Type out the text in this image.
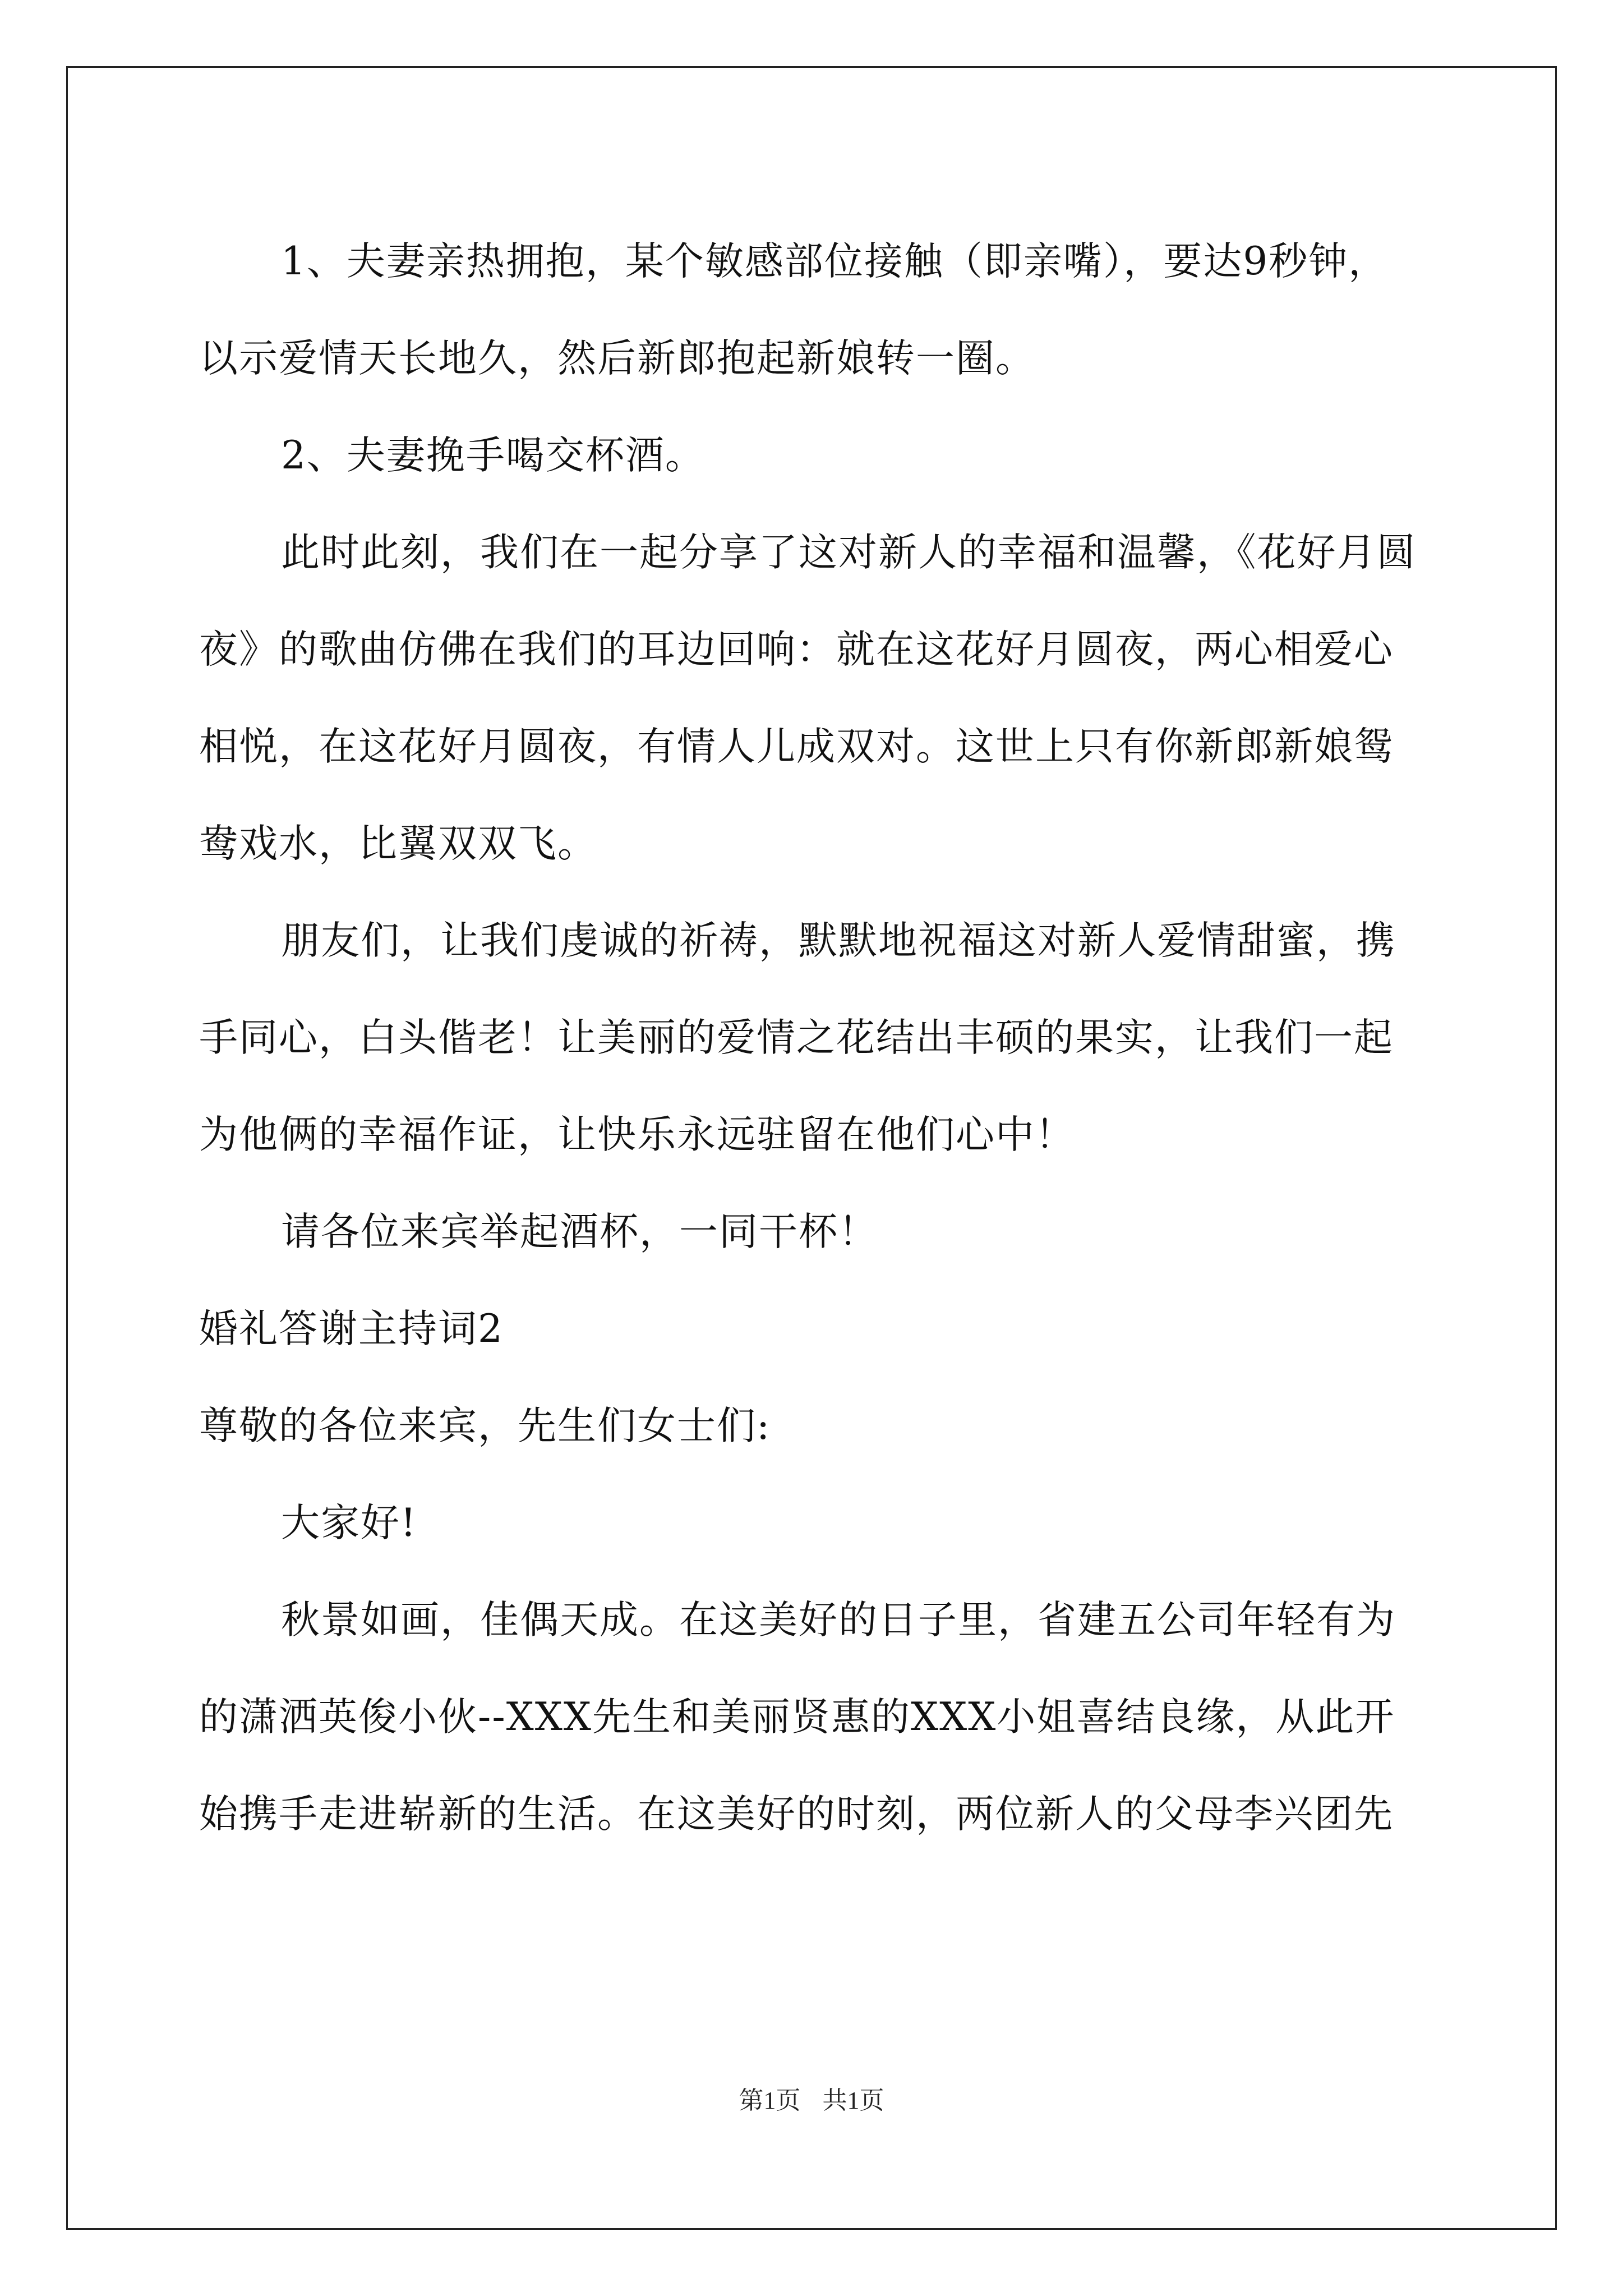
1、夫妻亲热拥抱，某个敏感部位接触（即亲嘴），要达9秒钟，以示爱情天长地久，然后新郎抱起新娘转一圈。

2、夫妻挽手喝交杯酒。

此时此刻，我们在一起分享了这对新人的幸福和温馨，《花好月圆夜》的歌曲仿佛在我们的耳边回响：就在这花好月圆夜，两心相爱心相悦，在这花好月圆夜，有情人儿成双对。这世上只有你新郎新娘鸳鸯戏水，比翼双双飞。

朋友们，让我们虔诚的祈祷，默默地祝福这对新人爱情甜蜜，携手同心，白头偕老！让美丽的爱情之花结出丰硕的果实，让我们一起为他俩的幸福作证，让快乐永远驻留在他们心中！

请各位来宾举起酒杯，一同干杯！

婚礼答谢主持词2

尊敬的各位来宾，先生们女士们:

大家好!

秋景如画，佳偶天成。在这美好的日子里，省建五公司年轻有为的潇洒英俊小伙--XXX先生和美丽贤惠的XXX小姐喜结良缘，从此开始携手走进崭新的生活。在这美好的时刻，两位新人的父母李兴团先

第1页 共1页
